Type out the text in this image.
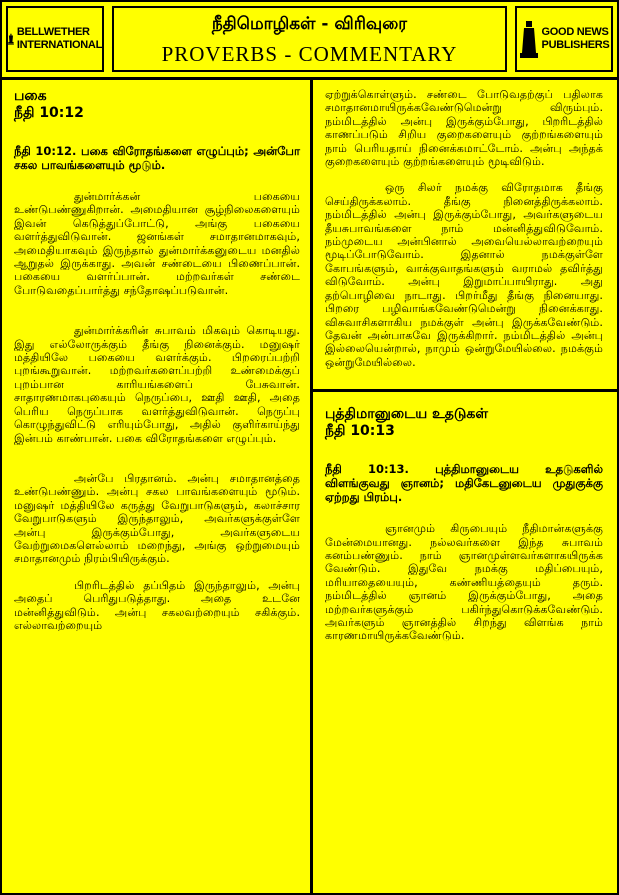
BELLWETHER
INTERNATIONAL
நீதிமொழிகள் - விரிவுரை
PROVERBS - COMMENTARY
GOOD NEWS
PUBLISHERS
பகை
நீதி 10:12

நீதி 10:12. பகை விரோதங்களை எழுப்பும்; அன்போ சகல பாவங்களையும் மூடும்.

துன்மார்க்கன் பகையை உண்டுபண்ணுகிறான். அமைதியான சூழ்நிலைகளையும் இவன் கெடுத்துப்போட்டு, அங்கு பகையை வளர்த்துவிடுவான். ஜனங்கள் சமாதானமாகவும், அமைதியாகவும் இருந்தால் துன்மார்க்கனுடைய மனதில் ஆறுதல் இருக்காது. அவன் சண்டையை பிணைப்பான். பகையை வளர்ப்பான். மற்றவர்கள் சண்டை போடுவதைப்பார்த்து சந்தோஷப்படுவான்.

துன்மார்க்கரின் சுபாவம் மிகவும் கொடியது. இது எல்லோருக்கும் தீங்கு நினைக்கும். மனுஷர் மத்தியிலே பகையை வளர்க்கும். பிறரைப்பற்றி புறங்கூறுவான். மற்றவர்களைப்பற்றி உண்மைக்குப் புறம்பான காரியங்களைப் பேசுவான். சாதாரணமாகபுகையும் நெருப்பை, ஊதி ஊதி, அதை பெரிய நெருப்பாக வளர்த்துவிடுவான். நெருப்பு கொழுந்துவிட்டு எரியும்போது, அதில் குளிர்காய்ந்து இன்பம் காண்பான். பகை விரோதங்களை எழுப்பும்.

அன்பே பிரதானம். அன்பு சமாதானத்தை உண்டுபண்ணும். அன்பு சகல பாவங்களையும் மூடும். மனுஷர் மத்தியிலே கருத்து வேறுபாடுகளும், கலாச்சார வேறுபாடுகளும் இருந்தாலும், அவர்களுக்குள்ளே அன்பு இருக்கும்போது, அவர்களுடைய வேற்றுமைகளெல்லாம் மறைந்து, அங்கு ஒற்றுமையும் சமாதானமும் நிரம்பியிருக்கும்.

பிறரிடத்தில் தப்பிதம் இருந்தாலும், அன்பு அதைப் பெரிதுபடுத்தாது. அதை உடனே மன்னித்துவிடும். அன்பு சகலவற்றையும் சகிக்கும். எல்லாவற்றையும்

ஏற்றுக்கொள்ளும். சண்டை போடுவதற்குப் பதிலாக சமாதானமாயிருக்கவேண்டுமென்று விரும்பும். நம்மிடத்தில் அன்பு இருக்கும்போது, பிறரிடத்தில் காணப்படும் சிறிய குறைகளையும் குற்றங்களையும் நாம் பெரியதாய் நினைக்கமாட்டோம். அன்பு அந்தக் குறைகளையும் குற்றங்களையும் மூடிவிடும்.

ஒரு சிலர் நமக்கு விரோதமாக தீங்கு செய்திருக்கலாம். தீங்கு நினைத்திருக்கலாம். நம்மிடத்தில் அன்பு இருக்கும்போது, அவர்களுடைய தீயசுபாவங்களை நாம் மன்னித்துவிடுவோம். நம்முடைய அன்பினால் அவையெல்லாவற்றையும் மூடிப்போடுவோம். இதனால் நமக்குள்ளே கோபங்களும், வாக்குவாதங்களும் வராமல் தவிர்த்து விடுவோம். அன்பு இறுமாப்பாயிராது. அது தற்பொழிவை நாடாது. பிறர்மீது தீங்கு நினையாது. பிறரை பழிவாங்கவேண்டுமென்று நினைக்காது. விசுவாசிகளாகிய நமக்குள் அன்பு இருக்கவேண்டும். தேவன் அன்பாகவே இருக்கிறார். நம்மிடத்தில் அன்பு இல்லையென்றால், நாமும் ஒன்றுமேயில்லை. நமக்கும் ஒன்றுமேயில்லை.

புத்திமானுடைய உதடுகள்
நீதி 10:13

நீதி 10:13. புத்திமானுடைய உதடுகளில் விளங்குவது ஞானம்; மதிகேடனுடைய முதுகுக்கு ஏற்றது பிரம்பு.

ஞானமும் கிருபையும் நீதிமான்களுக்கு மேன்மையானது. நல்லவர்களை இந்த சுபாவம் கனம்பண்ணும். நாம் ஞானமுள்ளவர்களாகயிருக்க வேண்டும். இதுவே நமக்கு மதிப்பையும், மரியாதையையும், கண்ணியத்தையும் தரும். நம்மிடத்தில் ஞானம் இருக்கும்போது, அதை மற்றவர்களுக்கும் பகிர்ந்துகொடுக்கவேண்டும். அவர்களும் ஞானத்தில் சிறந்து விளங்க நாம் காரணமாயிருக்கவேண்டும்.
